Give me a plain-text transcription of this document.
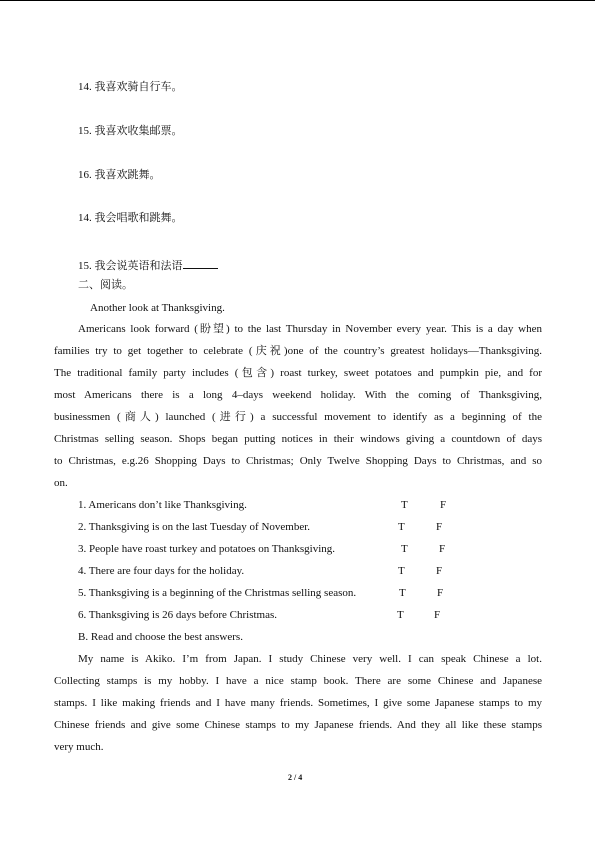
14. 我喜欢骑自行车。
15. 我喜欢收集邮票。
16. 我喜欢跳舞。
14. 我会唱歌和跳舞。
15. 我会说英语和法语
二、阅读。
Another look at Thanksgiving.
Americans look forward (盼望) to the last Thursday in November every year. This is a day when
families try to get together to celebrate (庆祝)one of the country’s greatest holidays—Thanksgiving.
The traditional family party includes (包含) roast turkey, sweet potatoes and pumpkin pie, and for
most Americans there is a long 4–days weekend holiday. With the coming of Thanksgiving,
businessmen (商人) launched (进行) a successful movement to identify as a beginning of the
Christmas selling season. Shops began putting notices in their windows giving a countdown of days
to Christmas, e.g.26 Shopping Days to Christmas; Only Twelve Shopping Days to Christmas, and so
on.
1. Americans don’t like Thanksgiving.	T	F
2. Thanksgiving is on the last Tuesday of November.	T	F
3. People have roast turkey and potatoes on Thanksgiving.	T	F
4. There are four days for the holiday.	T	F
5. Thanksgiving is a beginning of the Christmas selling season.	T	F
6. Thanksgiving is 26 days before Christmas.	T	F
B. Read and choose the best answers.
My name is Akiko. I’m from Japan. I study Chinese very well. I can speak Chinese a lot.
Collecting stamps is my hobby. I have a nice stamp book. There are some Chinese and Japanese
stamps. I like making friends and I have many friends. Sometimes, I give some Japanese stamps to my
Chinese friends and give some Chinese stamps to my Japanese friends. And they all like these stamps
very much.
2 / 4
